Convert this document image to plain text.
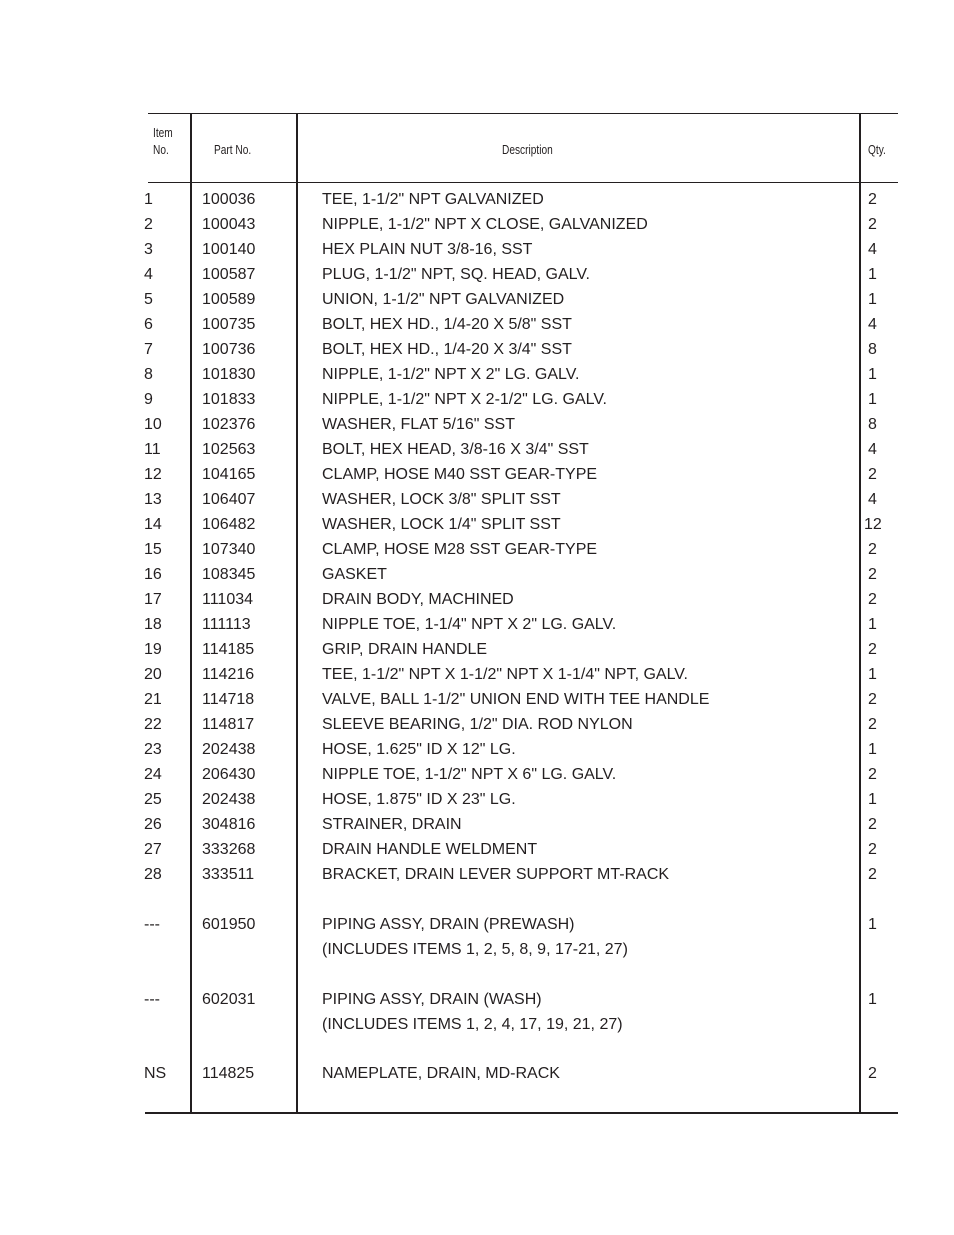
Item
No.	Part No.	Description	Qty.
1	100036	TEE, 1-1/2" NPT GALVANIZED	2
2	100043	NIPPLE, 1-1/2" NPT X CLOSE, GALVANIZED	2
3	100140	HEX PLAIN NUT 3/8-16, SST	4
4	100587	PLUG, 1-1/2" NPT, SQ. HEAD, GALV.	1
5	100589	UNION, 1-1/2" NPT GALVANIZED	1
6	100735	BOLT, HEX HD., 1/4-20 X 5/8" SST	4
7	100736	BOLT, HEX HD., 1/4-20 X 3/4" SST	8
8	101830	NIPPLE, 1-1/2" NPT X 2" LG. GALV.	1
9	101833	NIPPLE, 1-1/2" NPT X 2-1/2" LG. GALV.	1
10	102376	WASHER, FLAT 5/16" SST	8
11	102563	BOLT, HEX HEAD, 3/8-16 X 3/4" SST	4
12	104165	CLAMP, HOSE M40 SST GEAR-TYPE	2
13	106407	WASHER, LOCK 3/8" SPLIT SST	4
14	106482	WASHER, LOCK 1/4" SPLIT SST	12
15	107340	CLAMP, HOSE M28 SST GEAR-TYPE	2
16	108345	GASKET	2
17	111034	DRAIN BODY, MACHINED	2
18	111113	NIPPLE TOE, 1-1/4" NPT X 2" LG. GALV.	1
19	114185	GRIP, DRAIN HANDLE	2
20	114216	TEE, 1-1/2" NPT X 1-1/2" NPT X 1-1/4" NPT, GALV.	1
21	114718	VALVE, BALL 1-1/2" UNION END WITH TEE HANDLE	2
22	114817	SLEEVE BEARING, 1/2" DIA. ROD NYLON	2
23	202438	HOSE, 1.625" ID X 12" LG.	1
24	206430	NIPPLE TOE, 1-1/2" NPT X 6" LG. GALV.	2
25	202438	HOSE, 1.875" ID X 23" LG.	1
26	304816	STRAINER, DRAIN	2
27	333268	DRAIN HANDLE WELDMENT	2
28	333511	BRACKET, DRAIN LEVER SUPPORT MT-RACK	2
---	601950	PIPING ASSY, DRAIN (PREWASH)	1
(INCLUDES ITEMS 1, 2, 5, 8, 9, 17-21, 27)
---	602031	PIPING ASSY, DRAIN (WASH)	1
(INCLUDES ITEMS 1, 2, 4, 17, 19, 21, 27)
NS 114825	NAMEPLATE, DRAIN, MD-RACK	2
